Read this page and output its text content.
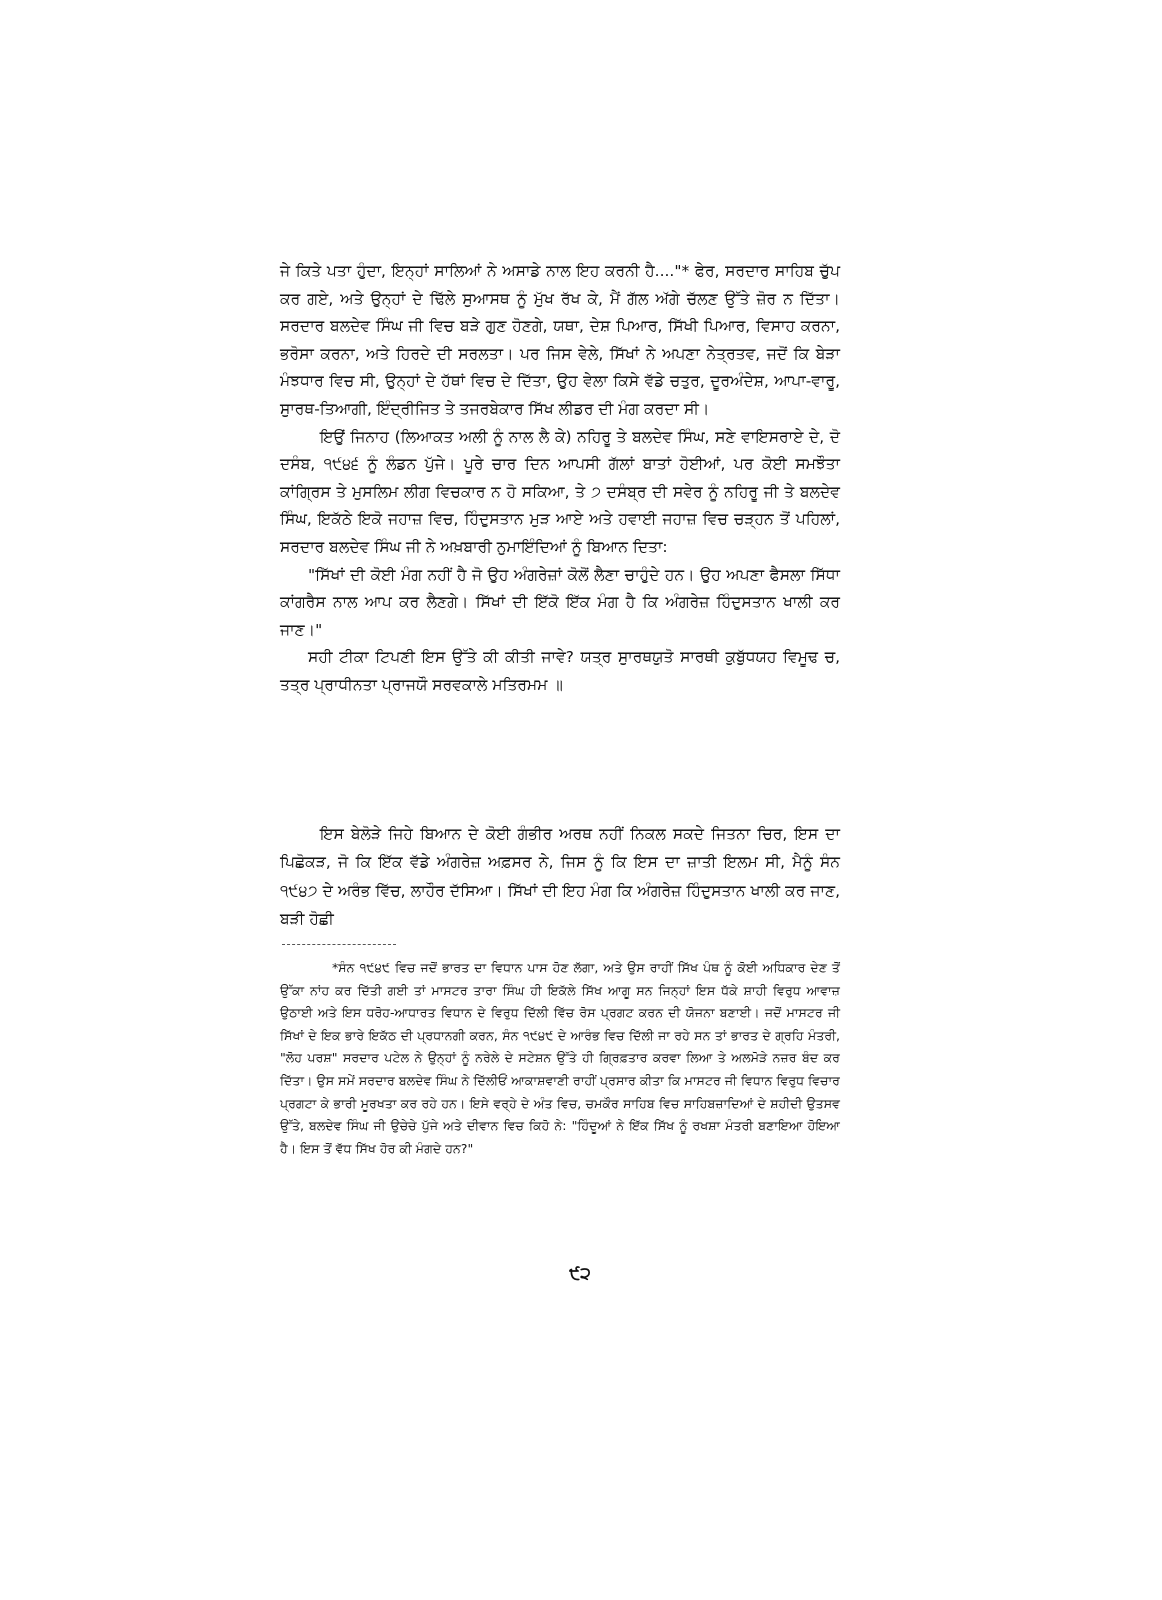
ਜੇ ਕਿਤੇ ਪਤਾ ਹੁੰਦਾ, ਇਨ੍ਹਾਂ ਸਾਲਿਆਂ ਨੇ ਅਸਾਡੇ ਨਾਲ ਇਹ ਕਰਨੀ ਹੈ...."* ਫੇਰ, ਸਰਦਾਰ ਸਾਹਿਬ ਚੁੱਪ ਕਰ ਗਏ, ਅਤੇ ਉਨ੍ਹਾਂ ਦੇ ਢਿੱਲੇ ਸੁਆਸਥ ਨੂੰ ਮੁੱਖ ਰੱਖ ਕੇ, ਮੈਂ ਗੱਲ ਅੱਗੇ ਚੱਲਣ ਉੱਤੇ ਜ਼ੋਰ ਨ ਦਿੱਤਾ। ਸਰਦਾਰ ਬਲਦੇਵ ਸਿੰਘ ਜੀ ਵਿਚ ਬੜੇ ਗੁਣ ਹੋਣਗੇ, ਯਥਾ, ਦੇਸ਼ ਪਿਆਰ, ਸਿੱਖੀ ਪਿਆਰ, ਵਿਸਾਹ ਕਰਨਾ, ਭਰੋਸਾ ਕਰਨਾ, ਅਤੇ ਹਿਰਦੇ ਦੀ ਸਰਲਤਾ। ਪਰ ਜਿਸ ਵੇਲੇ, ਸਿੱਖਾਂ ਨੇ ਅਪਣਾ ਨੇਤ੍ਰਤਵ, ਜਦੋਂ ਕਿ ਬੇੜਾ ਮੰਝਧਾਰ ਵਿਚ ਸੀ, ਉਨ੍ਹਾਂ ਦੇ ਹੱਥਾਂ ਵਿਚ ਦੇ ਦਿੱਤਾ, ਉਹ ਵੇਲਾ ਕਿਸੇ ਵੱਡੇ ਚਤੁਰ, ਦੂਰਅੰਦੇਸ਼, ਆਪਾ-ਵਾਰੂ, ਸੁਾਰਥ-ਤਿਆਗੀ, ਇੰਦ੍ਰੀਜਿਤ ਤੇ ਤਜਰਬੇਕਾਰ ਸਿੱਖ ਲੀਡਰ ਦੀ ਮੰਗ ਕਰਦਾ ਸੀ।

ਇਉਂ ਜਿਨਾਹ (ਲਿਆਕਤ ਅਲੀ ਨੂੰ ਨਾਲ ਲੈ ਕੇ) ਨਹਿਰੂ ਤੇ ਬਲਦੇਵ ਸਿੰਘ, ਸਣੇ ਵਾਇਸਰਾਏ ਦੇ, ਦੋ ਦਸੰਬ, ੧੯੪੬ ਨੂੰ ਲੰਡਨ ਪੁੱਜੇ। ਪੂਰੇ ਚਾਰ ਦਿਨ ਆਪਸੀ ਗੱਲਾਂ ਬਾਤਾਂ ਹੋਈਆਂ, ਪਰ ਕੋਈ ਸਮਝੌਤਾ ਕਾਂਗ੍ਰਿਸ ਤੇ ਮੁਸਲਿਮ ਲੀਗ ਵਿਚਕਾਰ ਨ ਹੋ ਸਕਿਆ, ਤੇ ੭ ਦਸੰਬ੍ਰ ਦੀ ਸਵੇਰ ਨੂੰ ਨਹਿਰੂ ਜੀ ਤੇ ਬਲਦੇਵ ਸਿੰਘ, ਇਕੱਠੇ ਇਕੋ ਜਹਾਜ਼ ਵਿਚ, ਹਿੰਦੁਸਤਾਨ ਮੁੜ ਆਏ ਅਤੇ ਹਵਾਈ ਜਹਾਜ਼ ਵਿਚ ਚੜ੍ਹਨ ਤੋਂ ਪਹਿਲਾਂ, ਸਰਦਾਰ ਬਲਦੇਵ ਸਿੰਘ ਜੀ ਨੇ ਅਖ਼ਬਾਰੀ ਨੁਮਾਇੰਦਿਆਂ ਨੂੰ ਬਿਆਨ ਦਿਤਾ:

"ਸਿੱਖਾਂ ਦੀ ਕੋਈ ਮੰਗ ਨਹੀਂ ਹੈ ਜੋ ਉਹ ਅੰਗਰੇਜ਼ਾਂ ਕੋਲੋਂ ਲੈਣਾ ਚਾਹੁੰਦੇ ਹਨ। ਉਹ ਅਪਣਾ ਫੈਸਲਾ ਸਿੱਧਾ ਕਾਂਗਰੈਸ ਨਾਲ ਆਪ ਕਰ ਲੈਣਗੇ। ਸਿੱਖਾਂ ਦੀ ਇੱਕੋ ਇੱਕ ਮੰਗ ਹੈ ਕਿ ਅੰਗਰੇਜ਼ ਹਿੰਦੁਸਤਾਨ ਖਾਲੀ ਕਰ ਜਾਣ।"

ਸਹੀ ਟੀਕਾ ਟਿਪਣੀ ਇਸ ਉੱਤੇ ਕੀ ਕੀਤੀ ਜਾਵੇ? ਯਤ੍ਰ ਸੁਾਰਥਯੁਤੋ ਸਾਰਥੀ ਕੁਬੁੱਧਯਹ ਵਿਮੂਢ ਚ, ਤਤ੍ਰ ਪ੍ਰਾਧੀਨਤਾ ਪ੍ਰਾਜਯੌ ਸਰਵਕਾਲੇ ਮਤਿਰਮਮ ॥

ਇਸ ਬੇਲੋੜੇ ਜਿਹੇ ਬਿਆਨ ਦੇ ਕੋਈ ਗੰਭੀਰ ਅਰਥ ਨਹੀਂ ਨਿਕਲ ਸਕਦੇ ਜਿਤਨਾ ਚਿਰ, ਇਸ ਦਾ ਪਿਛੋਕੜ, ਜੋ ਕਿ ਇੱਕ ਵੱਡੇ ਅੰਗਰੇਜ਼ ਅਫ਼ਸਰ ਨੇ, ਜਿਸ ਨੂੰ ਕਿ ਇਸ ਦਾ ਜ਼ਾਤੀ ਇਲਮ ਸੀ, ਮੈਨੂੰ ਸੰਨ ੧੯੪੭ ਦੇ ਅਰੰਭ ਵਿੱਚ, ਲਾਹੌਰ ਦੱਸਿਆ। ਸਿੱਖਾਂ ਦੀ ਇਹ ਮੰਗ ਕਿ ਅੰਗਰੇਜ਼ ਹਿੰਦੁਸਤਾਨ ਖਾਲੀ ਕਰ ਜਾਣ, ਬੜੀ ਹੋਛੀ

*ਸੰਨ ੧੯੪੯ ਵਿਚ ਜਦੋਂ ਭਾਰਤ ਦਾ ਵਿਧਾਨ ਪਾਸ ਹੋਣ ਲੱਗਾ, ਅਤੇ ਉਸ ਰਾਹੀਂ ਸਿੱਖ ਪੰਥ ਨੂੰ ਕੋਈ ਅਧਿਕਾਰ ਦੇਣ ਤੋਂ ਉੱਕਾ ਨਾਂਹ ਕਰ ਦਿੱਤੀ ਗਈ ਤਾਂ ਮਾਸਟਰ ਤਾਰਾ ਸਿੰਘ ਹੀ ਇਕੱਲੇ ਸਿੱਖ ਆਗੂ ਸਨ ਜਿਨ੍ਹਾਂ ਇਸ ਧੱਕੇ ਸ਼ਾਹੀ ਵਿਰੁਧ ਆਵਾਜ਼ ਉਠਾਈ ਅਤੇ ਇਸ ਧਰੋਹ-ਆਧਾਰਤ ਵਿਧਾਨ ਦੇ ਵਿਰੁਧ ਦਿੱਲੀ ਵਿੱਚ ਰੋਸ ਪ੍ਰਗਟ ਕਰਨ ਦੀ ਯੋਜਨਾ ਬਣਾਈ। ਜਦੋਂ ਮਾਸਟਰ ਜੀ ਸਿੱਖਾਂ ਦੇ ਇਕ ਭਾਰੇ ਇਕੱਠ ਦੀ ਪ੍ਰਧਾਨਗੀ ਕਰਨ, ਸੰਨ ੧੯੪੯ ਦੇ ਆਰੰਭ ਵਿਚ ਦਿੱਲੀ ਜਾ ਰਹੇ ਸਨ ਤਾਂ ਭਾਰਤ ਦੇ ਗ੍ਰਹਿ ਮੰਤਰੀ, "ਲੋਹ ਪਰਸ਼" ਸਰਦਾਰ ਪਟੇਲ ਨੇ ਉਨ੍ਹਾਂ ਨੂੰ ਨਰੇਲੇ ਦੇ ਸਟੇਸ਼ਨ ਉੱਤੇ ਹੀ ਗ੍ਰਿਫ਼ਤਾਰ ਕਰਵਾ ਲਿਆ ਤੇ ਅਲਮੋੜੇ ਨਜ਼ਰ ਬੰਦ ਕਰ ਦਿੱਤਾ। ਉਸ ਸਮੇਂ ਸਰਦਾਰ ਬਲਦੇਵ ਸਿੰਘ ਨੇ ਦਿੱਲੀਓਂ ਆਕਾਸ਼ਵਾਣੀ ਰਾਹੀਂ ਪ੍ਰਸਾਰ ਕੀਤਾ ਕਿ ਮਾਸਟਰ ਜੀ ਵਿਧਾਨ ਵਿਰੁਧ ਵਿਚਾਰ ਪ੍ਰਗਟਾ ਕੇ ਭਾਰੀ ਮੂਰਖਤਾ ਕਰ ਰਹੇ ਹਨ। ਇਸੇ ਵਰ੍ਹੇ ਦੇ ਅੰਤ ਵਿਚ, ਚਮਕੌਰ ਸਾਹਿਬ ਵਿਚ ਸਾਹਿਬਜ਼ਾਦਿਆਂ ਦੇ ਸ਼ਹੀਦੀ ਉਤਸਵ ਉੱਤੇ, ਬਲਦੇਵ ਸਿੰਘ ਜੀ ਉਚੇਚੇ ਪੁੱਜੇ ਅਤੇ ਦੀਵਾਨ ਵਿਚ ਕਿਹੋ ਨੇ: "ਹਿੰਦੂਆਂ ਨੇ ਇੱਕ ਸਿੱਖ ਨੂੰ ਰਖਸ਼ਾ ਮੰਤਰੀ ਬਣਾਇਆ ਹੋਇਆ ਹੈ। ਇਸ ਤੋਂ ਵੱਧ ਸਿੱਖ ਹੋਰ ਕੀ ਮੰਗਦੇ ਹਨ?"

੯੨
